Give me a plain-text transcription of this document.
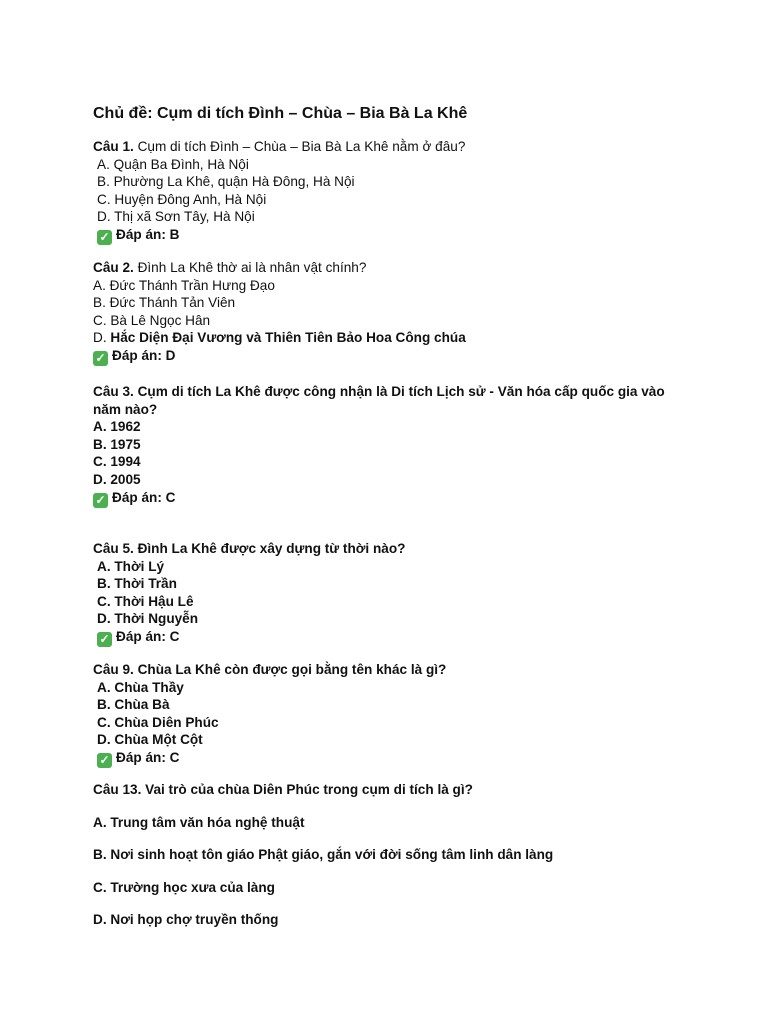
Chủ đề: Cụm di tích Đình – Chùa – Bia Bà La Khê
Câu 1. Cụm di tích Đình – Chùa – Bia Bà La Khê nằm ở đâu?
A. Quận Ba Đình, Hà Nội
B. Phường La Khê, quận Hà Đông, Hà Nội
C. Huyện Đông Anh, Hà Nội
D. Thị xã Sơn Tây, Hà Nội
✓ Đáp án: B
Câu 2. Đình La Khê thờ ai là nhân vật chính?
A. Đức Thánh Trần Hưng Đạo
B. Đức Thánh Tản Viên
C. Bà Lê Ngọc Hân
D. Hắc Diện Đại Vương và Thiên Tiên Bảo Hoa Công chúa
✓ Đáp án: D
Câu 3. Cụm di tích La Khê được công nhận là Di tích Lịch sử - Văn hóa cấp quốc gia vào năm nào?
A. 1962
B. 1975
C. 1994
D. 2005
✓ Đáp án: C
Câu 5. Đình La Khê được xây dựng từ thời nào?
A. Thời Lý
B. Thời Trần
C. Thời Hậu Lê
D. Thời Nguyễn
✓ Đáp án: C
Câu 9. Chùa La Khê còn được gọi bằng tên khác là gì?
A. Chùa Thầy
B. Chùa Bà
C. Chùa Diên Phúc
D. Chùa Một Cột
✓ Đáp án: C
Câu 13. Vai trò của chùa Diên Phúc trong cụm di tích là gì?
A. Trung tâm văn hóa nghệ thuật
B. Nơi sinh hoạt tôn giáo Phật giáo, gắn với đời sống tâm linh dân làng
C. Trường học xưa của làng
D. Nơi họp chợ truyền thống
